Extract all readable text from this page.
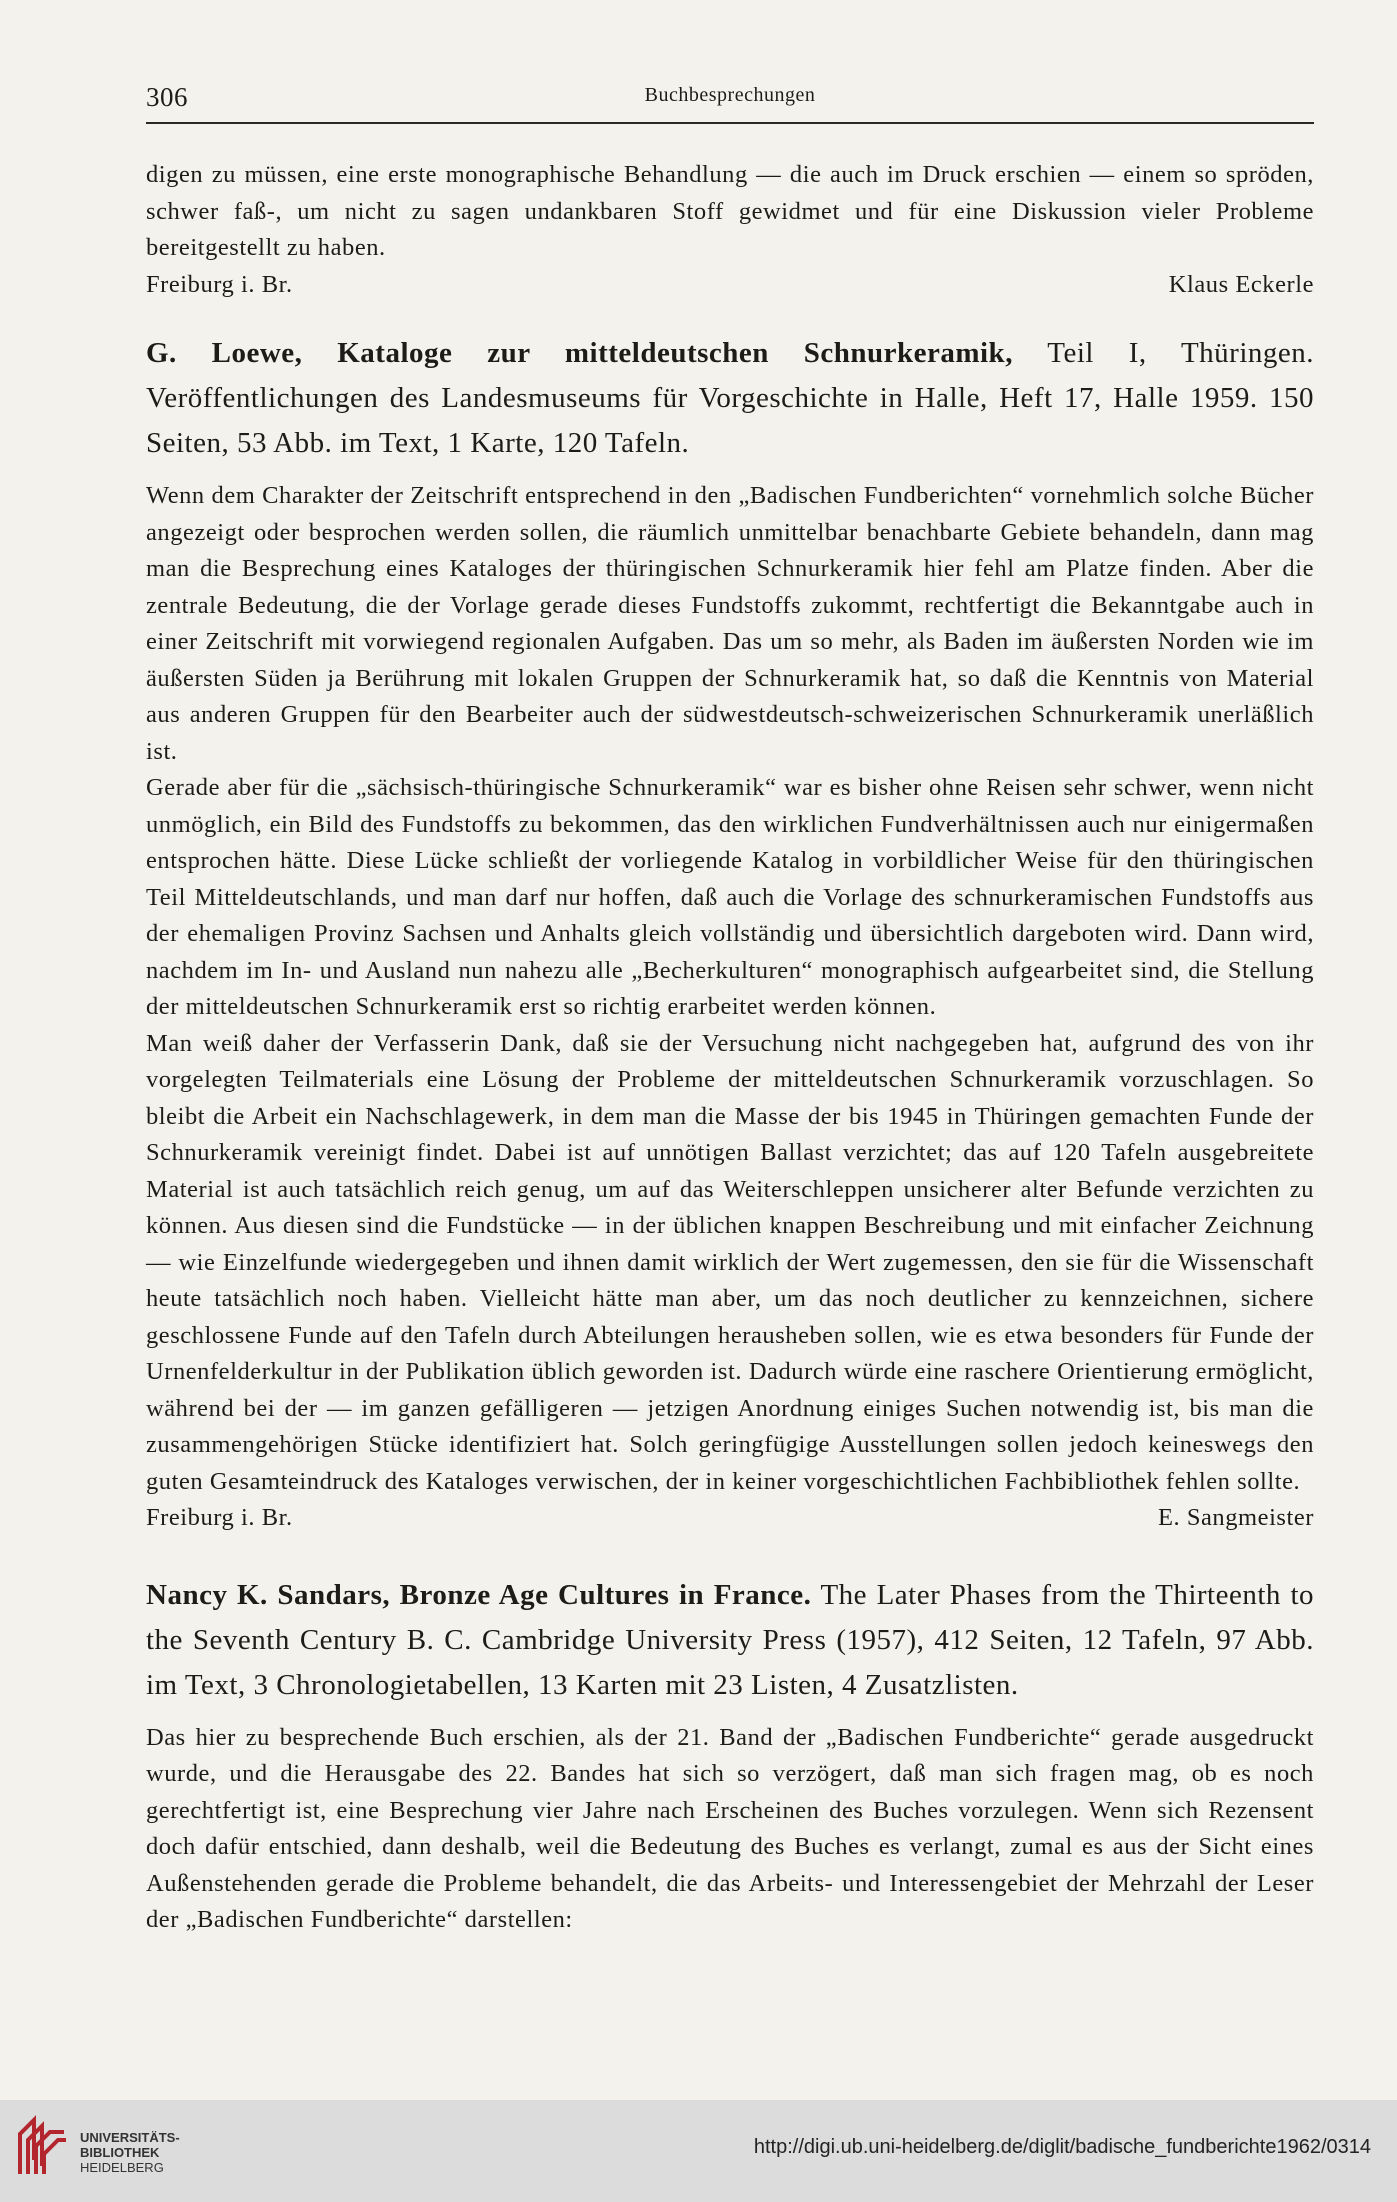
306	Buchbesprechungen

digen zu müssen, eine erste monographische Behandlung — die auch im Druck erschien — einem so spröden, schwer faß-, um nicht zu sagen undankbaren Stoff gewidmet und für eine Diskussion vieler Probleme bereitgestellt zu haben.

Freiburg i. Br.	Klaus Eckerle

G. Loewe, Kataloge zur mitteldeutschen Schnurkeramik, Teil I, Thüringen. Veröffentlichungen des Landesmuseums für Vorgeschichte in Halle, Heft 17, Halle 1959. 150 Seiten, 53 Abb. im Text, 1 Karte, 120 Tafeln.

Wenn dem Charakter der Zeitschrift entsprechend in den „Badischen Fundberichten“ vornehmlich solche Bücher angezeigt oder besprochen werden sollen, die räumlich unmittelbar benachbarte Gebiete behandeln, dann mag man die Besprechung eines Kataloges der thüringischen Schnurkeramik hier fehl am Platze finden. Aber die zentrale Bedeutung, die der Vorlage gerade dieses Fundstoffs zukommt, rechtfertigt die Bekanntgabe auch in einer Zeitschrift mit vorwiegend regionalen Aufgaben. Das um so mehr, als Baden im äußersten Norden wie im äußersten Süden ja Berührung mit lokalen Gruppen der Schnurkeramik hat, so daß die Kenntnis von Material aus anderen Gruppen für den Bearbeiter auch der südwestdeutsch-schweizerischen Schnurkeramik unerläßlich ist.

Gerade aber für die „sächsisch-thüringische Schnurkeramik“ war es bisher ohne Reisen sehr schwer, wenn nicht unmöglich, ein Bild des Fundstoffs zu bekommen, das den wirklichen Fundverhältnissen auch nur einigermaßen entsprochen hätte. Diese Lücke schließt der vorliegende Katalog in vorbildlicher Weise für den thüringischen Teil Mitteldeutschlands, und man darf nur hoffen, daß auch die Vorlage des schnurkeramischen Fundstoffs aus der ehemaligen Provinz Sachsen und Anhalts gleich vollständig und übersichtlich dargeboten wird. Dann wird, nachdem im In- und Ausland nun nahezu alle „Becherkulturen“ monographisch aufgearbeitet sind, die Stellung der mitteldeutschen Schnurkeramik erst so richtig erarbeitet werden können.

Man weiß daher der Verfasserin Dank, daß sie der Versuchung nicht nachgegeben hat, aufgrund des von ihr vorgelegten Teilmaterials eine Lösung der Probleme der mitteldeutschen Schnurkeramik vorzuschlagen. So bleibt die Arbeit ein Nachschlagewerk, in dem man die Masse der bis 1945 in Thüringen gemachten Funde der Schnurkeramik vereinigt findet. Dabei ist auf unnötigen Ballast verzichtet; das auf 120 Tafeln ausgebreitete Material ist auch tatsächlich reich genug, um auf das Weiterschleppen unsicherer alter Befunde verzichten zu können. Aus diesen sind die Fundstücke — in der üblichen knappen Beschreibung und mit einfacher Zeichnung — wie Einzelfunde wiedergegeben und ihnen damit wirklich der Wert zugemessen, den sie für die Wissenschaft heute tatsächlich noch haben. Vielleicht hätte man aber, um das noch deutlicher zu kennzeichnen, sichere geschlossene Funde auf den Tafeln durch Abteilungen herausheben sollen, wie es etwa besonders für Funde der Urnenfelderkultur in der Publikation üblich geworden ist. Dadurch würde eine raschere Orientierung ermöglicht, während bei der — im ganzen gefälligeren — jetzigen Anordnung einiges Suchen notwendig ist, bis man die zusammengehörigen Stücke identifiziert hat. Solch geringfügige Ausstellungen sollen jedoch keineswegs den guten Gesamteindruck des Kataloges verwischen, der in keiner vorgeschichtlichen Fachbibliothek fehlen sollte.

Freiburg i. Br.	E. Sangmeister

Nancy K. Sandars, Bronze Age Cultures in France. The Later Phases from the Thirteenth to the Seventh Century B. C. Cambridge University Press (1957), 412 Seiten, 12 Tafeln, 97 Abb. im Text, 3 Chronologietabellen, 13 Karten mit 23 Listen, 4 Zusatzlisten.

Das hier zu besprechende Buch erschien, als der 21. Band der „Badischen Fundberichte“ gerade ausgedruckt wurde, und die Herausgabe des 22. Bandes hat sich so verzögert, daß man sich fragen mag, ob es noch gerechtfertigt ist, eine Besprechung vier Jahre nach Erscheinen des Buches vorzulegen. Wenn sich Rezensent doch dafür entschied, dann deshalb, weil die Bedeutung des Buches es verlangt, zumal es aus der Sicht eines Außenstehenden gerade die Probleme behandelt, die das Arbeits- und Interessengebiet der Mehrzahl der Leser der „Badischen Fundberichte“ darstellen:

UNIVERSITÄTS-
BIBLIOTHEK
HEIDELBERG
http://digi.ub.uni-heidelberg.de/diglit/badische_fundberichte1962/0314
